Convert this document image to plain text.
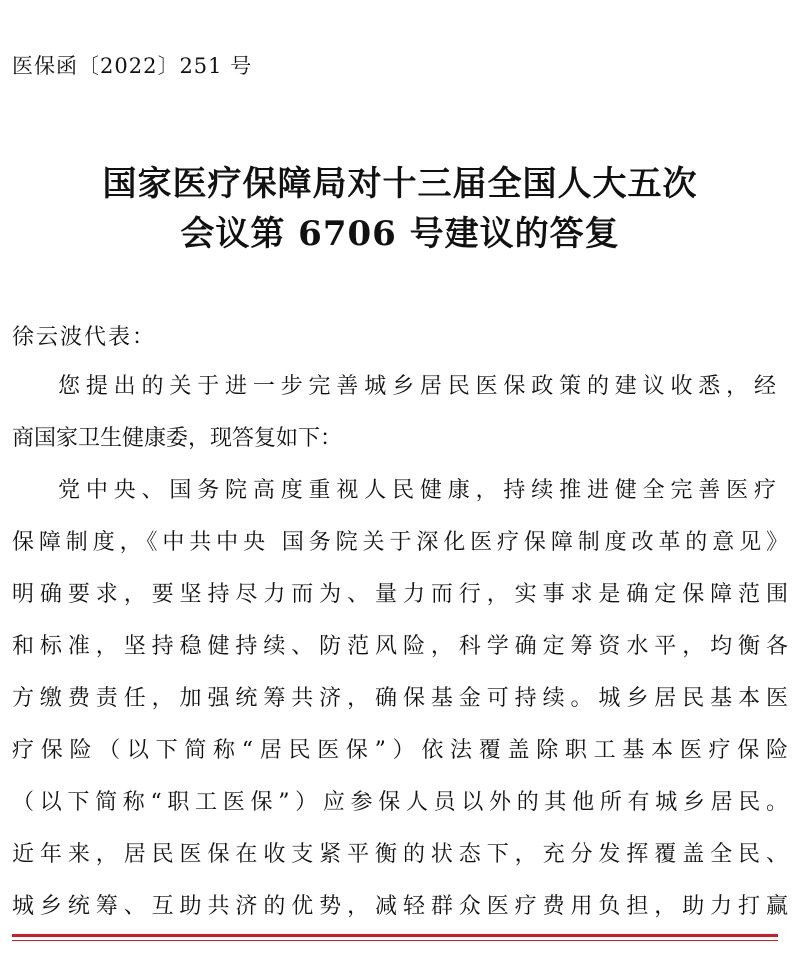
医保函〔2022〕251 号
国家医疗保障局对十三届全国人大五次
会议第 6706 号建议的答复
徐云波代表：
您提出的关于进一步完善城乡居民医保政策的建议收悉，经
商国家卫生健康委，现答复如下：
党中央、国务院高度重视人民健康，持续推进健全完善医疗
保障制度，《中共中央 国务院关于深化医疗保障制度改革的意见》
明确要求，要坚持尽力而为、量力而行，实事求是确定保障范围
和标准，坚持稳健持续、防范风险，科学确定筹资水平，均衡各
方缴费责任，加强统筹共济，确保基金可持续。城乡居民基本医
疗保险（以下简称“居民医保”）依法覆盖除职工基本医疗保险
（以下简称“职工医保”）应参保人员以外的其他所有城乡居民。
近年来，居民医保在收支紧平衡的状态下，充分发挥覆盖全民、
城乡统筹、互助共济的优势，减轻群众医疗费用负担，助力打赢
